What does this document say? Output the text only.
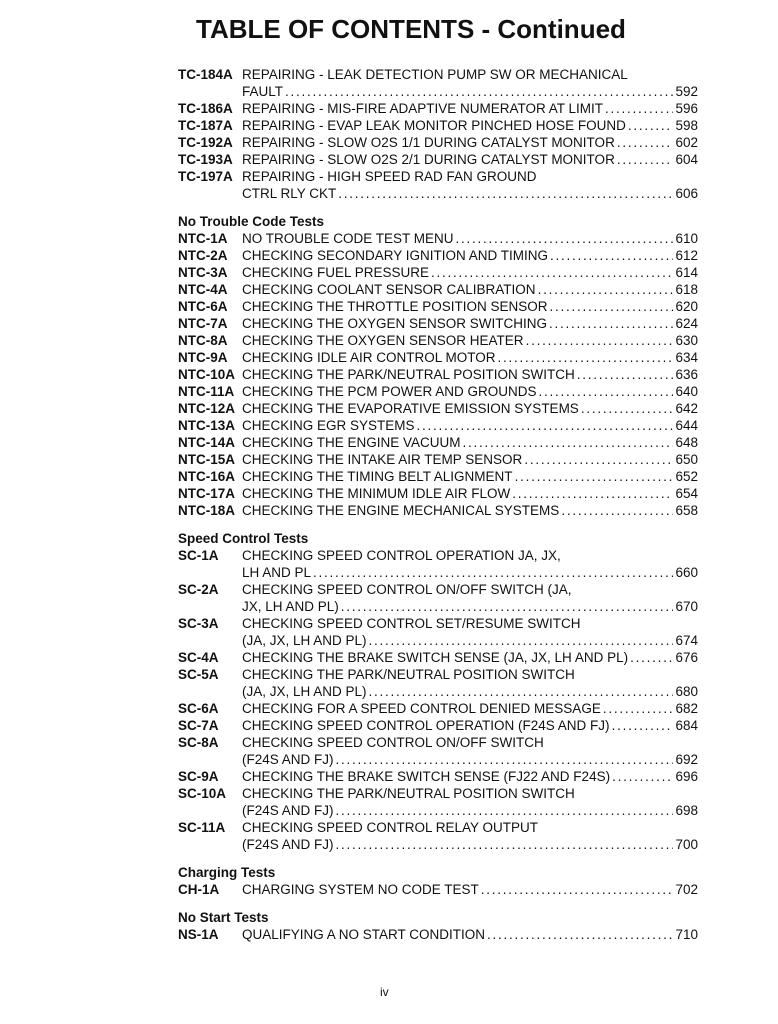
TABLE OF CONTENTS - Continued
TC-184A REPAIRING - LEAK DETECTION PUMP SW OR MECHANICAL
FAULT . . .	592
TC-186A REPAIRING - MIS-FIRE ADAPTIVE NUMERATOR AT LIMIT . . .	596
TC-187A REPAIRING - EVAP LEAK MONITOR PINCHED HOSE FOUND . . .	598
TC-192A REPAIRING - SLOW O2S 1/1 DURING CATALYST MONITOR . . .	602
TC-193A REPAIRING - SLOW O2S 2/1 DURING CATALYST MONITOR . . .	604
TC-197A REPAIRING - HIGH SPEED RAD FAN GROUND
CTRL RLY CKT . . .	606
No Trouble Code Tests
NTC-1A	NO TROUBLE CODE TEST MENU . . .	610
NTC-2A	CHECKING SECONDARY IGNITION AND TIMING . . .	612
NTC-3A	CHECKING FUEL PRESSURE . . .	614
NTC-4A	CHECKING COOLANT SENSOR CALIBRATION . . .	618
NTC-6A	CHECKING THE THROTTLE POSITION SENSOR . . .	620
NTC-7A	CHECKING THE OXYGEN SENSOR SWITCHING . . .	624
NTC-8A	CHECKING THE OXYGEN SENSOR HEATER . . .	630
NTC-9A	CHECKING IDLE AIR CONTROL MOTOR . . .	634
NTC-10A CHECKING THE PARK/NEUTRAL POSITION SWITCH . . .	636
NTC-11A CHECKING THE PCM POWER AND GROUNDS . . .	640
NTC-12A CHECKING THE EVAPORATIVE EMISSION SYSTEMS . . .	642
NTC-13A CHECKING EGR SYSTEMS . . .	644
NTC-14A CHECKING THE ENGINE VACUUM . . .	648
NTC-15A CHECKING THE INTAKE AIR TEMP SENSOR . . .	650
NTC-16A CHECKING THE TIMING BELT ALIGNMENT . . .	652
NTC-17A CHECKING THE MINIMUM IDLE AIR FLOW . . .	654
NTC-18A CHECKING THE ENGINE MECHANICAL SYSTEMS . . .	658
Speed Control Tests
SC-1A	CHECKING SPEED CONTROL OPERATION JA, JX,
LH AND PL . . .	660
SC-2A	CHECKING SPEED CONTROL ON/OFF SWITCH (JA,
JX, LH AND PL) . . .	670
SC-3A	CHECKING SPEED CONTROL SET/RESUME SWITCH
(JA, JX, LH AND PL) . . .	674
SC-4A	CHECKING THE BRAKE SWITCH SENSE (JA, JX, LH AND PL) . . .	676
SC-5A	CHECKING THE PARK/NEUTRAL POSITION SWITCH
(JA, JX, LH AND PL) . . .	680
SC-6A	CHECKING FOR A SPEED CONTROL DENIED MESSAGE . . .	682
SC-7A	CHECKING SPEED CONTROL OPERATION (F24S AND FJ) . . .	684
SC-8A	CHECKING SPEED CONTROL ON/OFF SWITCH
(F24S AND FJ) . . .	692
SC-9A	CHECKING THE BRAKE SWITCH SENSE (FJ22 AND F24S) . . .	696
SC-10A	CHECKING THE PARK/NEUTRAL POSITION SWITCH
(F24S AND FJ) . . .	698
SC-11A	CHECKING SPEED CONTROL RELAY OUTPUT
(F24S AND FJ) . . .	700
Charging Tests
CH-1A	CHARGING SYSTEM NO CODE TEST . . .	702
No Start Tests
NS-1A	QUALIFYING A NO START CONDITION . . .	710
iv
